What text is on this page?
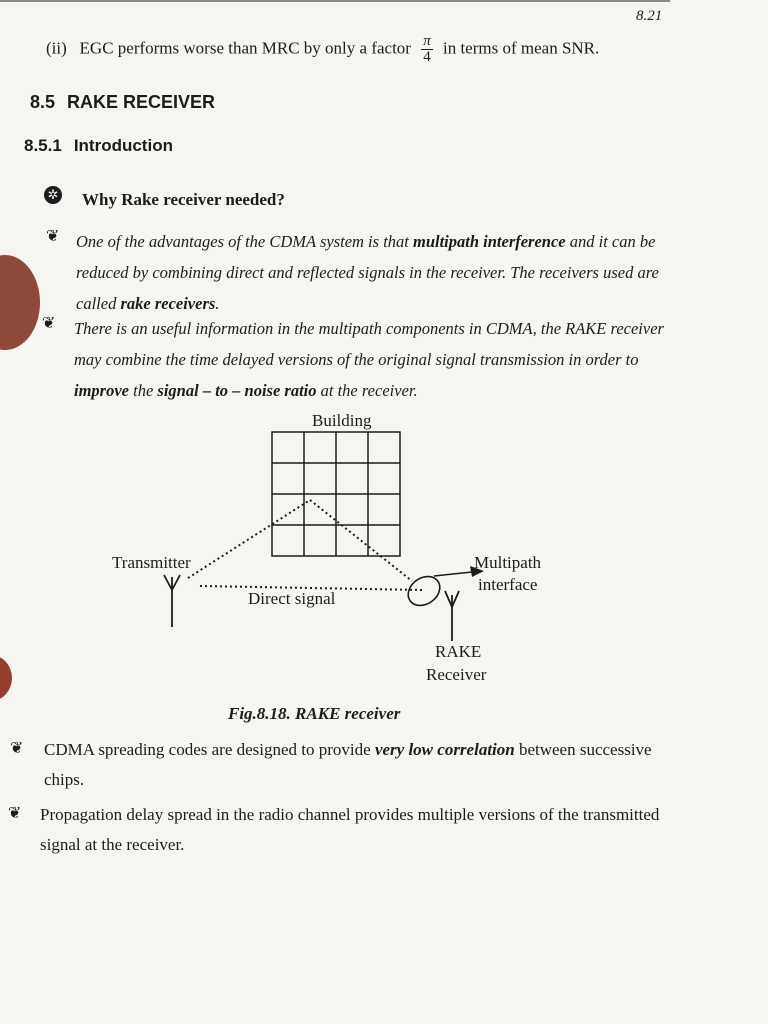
8.21
(ii) EGC performs worse than MRC by only a factor $\frac{\pi}{4}$ in terms of mean SNR.
8.5 RAKE RECEIVER
8.5.1 Introduction
✲ Why Rake receiver needed?
❦ One of the advantages of the CDMA system is that multipath interference and it can be reduced by combining direct and reflected signals in the receiver. The receivers used are called rake receivers.
❦ There is an useful information in the multipath components in CDMA, the RAKE receiver may combine the time delayed versions of the original signal transmission in order to improve the signal – to – noise ratio at the receiver.
Building
Transmitter
Direct signal
Multipath
interface
RAKE
Receiver
Fig.8.18. RAKE receiver
❦ CDMA spreading codes are designed to provide very low correlation between successive chips.
❦ Propagation delay spread in the radio channel provides multiple versions of the transmitted signal at the receiver.
